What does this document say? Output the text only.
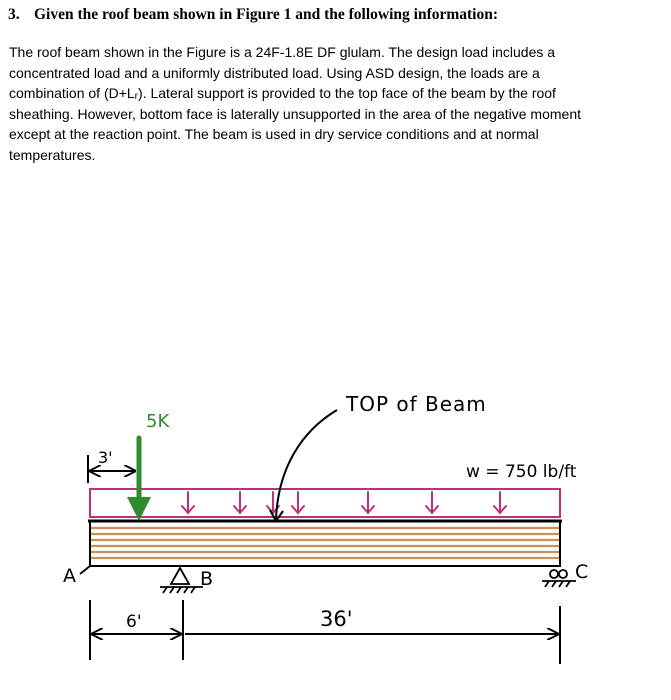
3. Given the roof beam shown in Figure 1 and the following information:
The roof beam shown in the Figure is a 24F-1.8E DF glulam. The design load includes a
concentrated load and a uniformly distributed load. Using ASD design, the loads are a
combination of (D+Lᵣ). Lateral support is provided to the top face of the beam by the roof
sheathing. However, bottom face is laterally unsupported in the area of the negative moment
except at the reaction point. The beam is used in dry service conditions and at normal
temperatures.
5K
3'
TOP of Beam
w = 750 lb/ft
A	B	C
6'	36'
